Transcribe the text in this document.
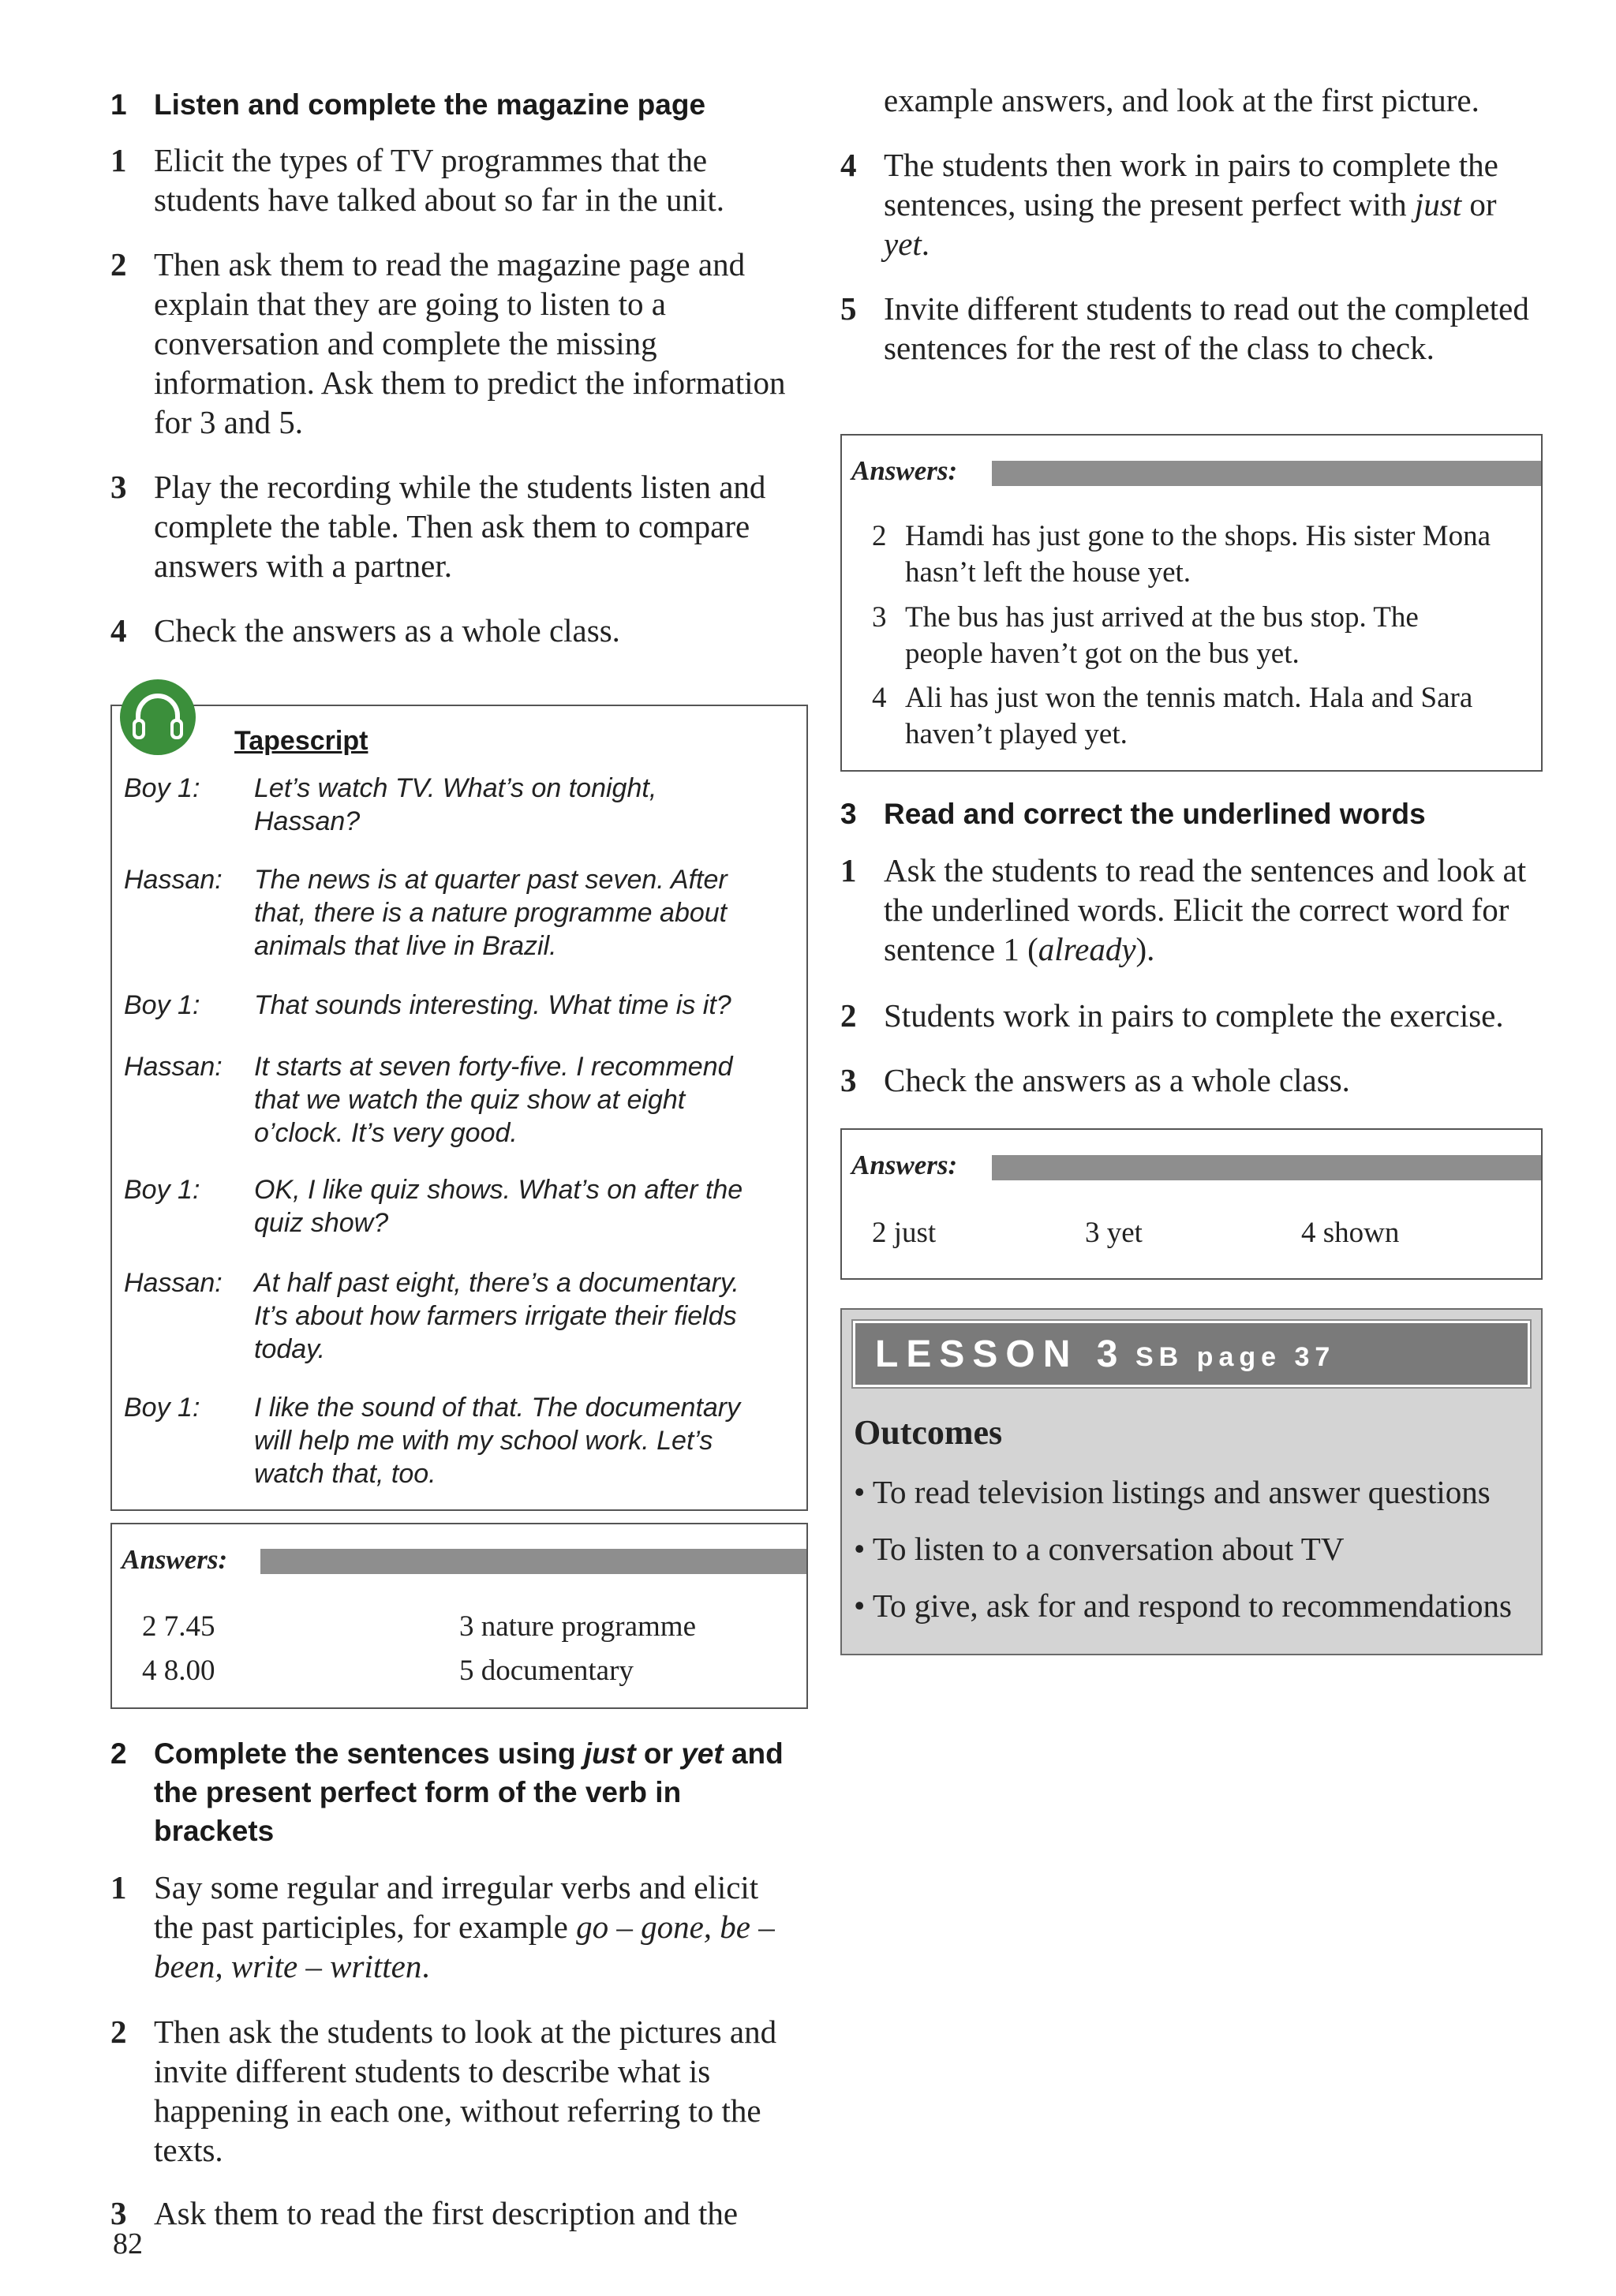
1 Listen and complete the magazine page
1 Elicit the types of TV programmes that the students have talked about so far in the unit.
2 Then ask them to read the magazine page and explain that they are going to listen to a conversation and complete the missing information. Ask them to predict the information for 3 and 5.
3 Play the recording while the students listen and complete the table. Then ask them to compare answers with a partner.
4 Check the answers as a whole class.
Tapescript
Boy 1: Let’s watch TV. What’s on tonight, Hassan?
Hassan: The news is at quarter past seven. After that, there is a nature programme about animals that live in Brazil.
Boy 1: That sounds interesting. What time is it?
Hassan: It starts at seven forty-five. I recommend that we watch the quiz show at eight o’clock. It’s very good.
Boy 1: OK, I like quiz shows. What’s on after the quiz show?
Hassan: At half past eight, there’s a documentary. It’s about how farmers irrigate their fields today.
Boy 1: I like the sound of that. The documentary will help me with my school work. Let’s watch that, too.
Answers:
2 7.45	3 nature programme
4 8.00	5 documentary
2 Complete the sentences using just or yet and the present perfect form of the verb in brackets
1 Say some regular and irregular verbs and elicit the past participles, for example go – gone, be – been, write – written.
2 Then ask the students to look at the pictures and invite different students to describe what is happening in each one, without referring to the texts.
3 Ask them to read the first description and the
82
example answers, and look at the first picture.
4 The students then work in pairs to complete the sentences, using the present perfect with just or yet.
5 Invite different students to read out the completed sentences for the rest of the class to check.
Answers:
2 Hamdi has just gone to the shops. His sister Mona hasn’t left the house yet.
3 The bus has just arrived at the bus stop. The people haven’t got on the bus yet.
4 Ali has just won the tennis match. Hala and Sara haven’t played yet.
3 Read and correct the underlined words
1 Ask the students to read the sentences and look at the underlined words. Elicit the correct word for sentence 1 (already).
2 Students work in pairs to complete the exercise.
3 Check the answers as a whole class.
Answers:
2 just	3 yet	4 shown
LESSON 3 SB page 37
Outcomes
• To read television listings and answer questions
• To listen to a conversation about TV
• To give, ask for and respond to recommendations
